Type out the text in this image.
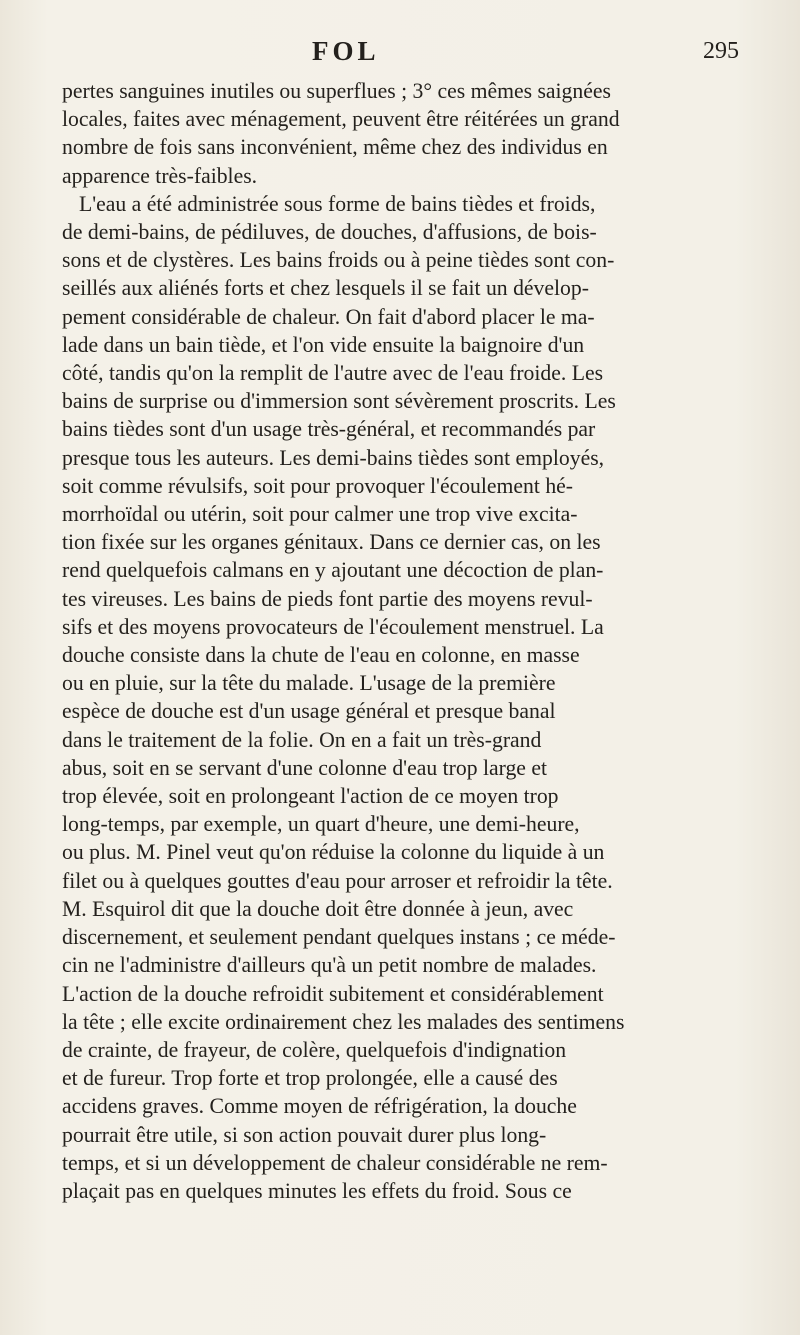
FOL	295
pertes sanguines inutiles ou superflues ; 3° ces mêmes saignées
locales, faites avec ménagement, peuvent être réitérées un grand
nombre de fois sans inconvénient, même chez des individus en
apparence très-faibles.
L'eau a été administrée sous forme de bains tièdes et froids,
de demi-bains, de pédiluves, de douches, d'affusions, de bois-
sons et de clystères. Les bains froids ou à peine tièdes sont con-
seillés aux aliénés forts et chez lesquels il se fait un dévelop-
pement considérable de chaleur. On fait d'abord placer le ma-
lade dans un bain tiède, et l'on vide ensuite la baignoire d'un
côté, tandis qu'on la remplit de l'autre avec de l'eau froide. Les
bains de surprise ou d'immersion sont sévèrement proscrits. Les
bains tièdes sont d'un usage très-général, et recommandés par
presque tous les auteurs. Les demi-bains tièdes sont employés,
soit comme révulsifs, soit pour provoquer l'écoulement hé-
morrhoïdal ou utérin, soit pour calmer une trop vive excita-
tion fixée sur les organes génitaux. Dans ce dernier cas, on les
rend quelquefois calmans en y ajoutant une décoction de plan-
tes vireuses. Les bains de pieds font partie des moyens revul-
sifs et des moyens provocateurs de l'écoulement menstruel. La
douche consiste dans la chute de l'eau en colonne, en masse
ou en pluie, sur la tête du malade. L'usage de la première
espèce de douche est d'un usage général et presque banal
dans le traitement de la folie. On en a fait un très-grand
abus, soit en se servant d'une colonne d'eau trop large et
trop élevée, soit en prolongeant l'action de ce moyen trop
long-temps, par exemple, un quart d'heure, une demi-heure,
ou plus. M. Pinel veut qu'on réduise la colonne du liquide à un
filet ou à quelques gouttes d'eau pour arroser et refroidir la tête.
M. Esquirol dit que la douche doit être donnée à jeun, avec
discernement, et seulement pendant quelques instans ; ce méde-
cin ne l'administre d'ailleurs qu'à un petit nombre de malades.
L'action de la douche refroidit subitement et considérablement
la tête ; elle excite ordinairement chez les malades des sentimens
de crainte, de frayeur, de colère, quelquefois d'indignation
et de fureur. Trop forte et trop prolongée, elle a causé des
accidens graves. Comme moyen de réfrigération, la douche
pourrait être utile, si son action pouvait durer plus long-
temps, et si un développement de chaleur considérable ne rem-
plaçait pas en quelques minutes les effets du froid. Sous ce
